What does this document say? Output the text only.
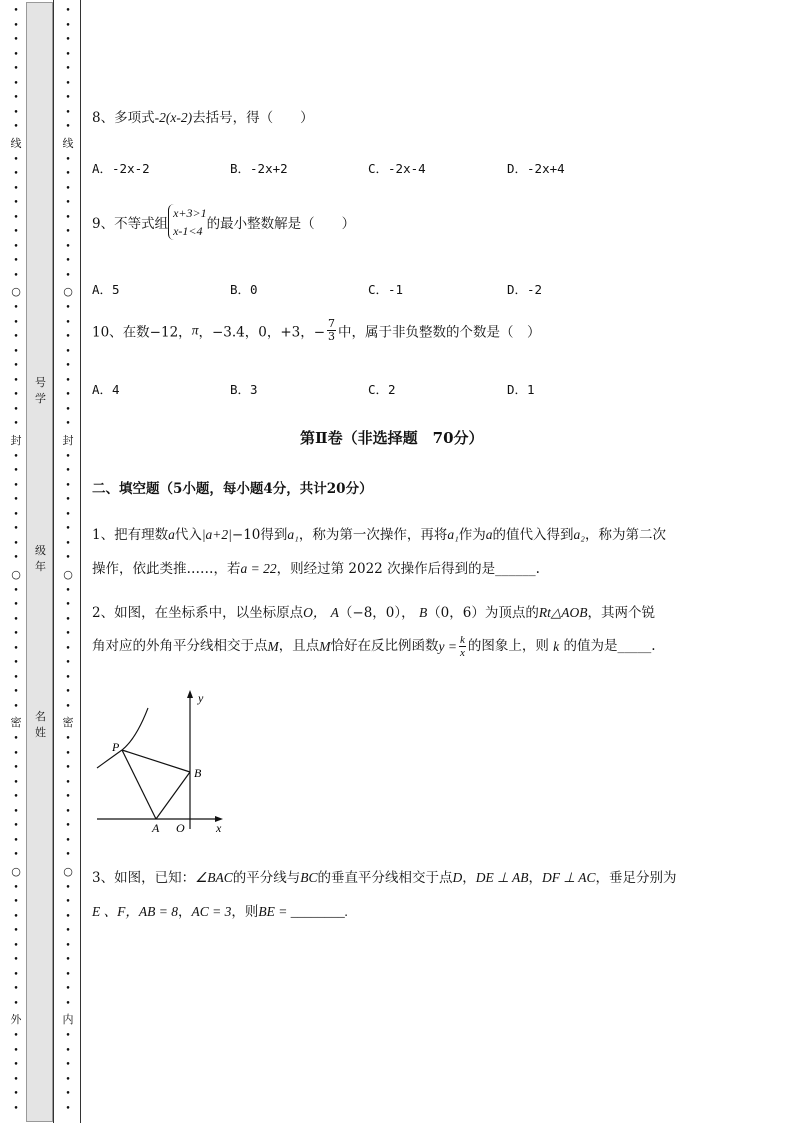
•
•
•
•
•
•
•
•
•
线
•
•
•
•
•
•
•
•
•
○
•
•
•
•
•
•
•
•
•
封
•
•
•
•
•
•
•
•
○
•
•
•
•
•
•
•
•
•
密
•
•
•
•
•
•
•
•
•
○
•
•
•
•
•
•
•
•
•
外
•
•
•
•
•
•
号
学
级
年
名
姓
•
•
•
•
•
•
•
•
•
线
•
•
•
•
•
•
•
•
•
○
•
•
•
•
•
•
•
•
•
封
•
•
•
•
•
•
•
•
○
•
•
•
•
•
•
•
•
•
密
•
•
•
•
•
•
•
•
•
○
•
•
•
•
•
•
•
•
•
内
•
•
•
•
•
•
8、多项式-2(x-2)去括号，得（　　）
A．-2x-2	B．-2x+2	C．-2x-4	D．-2x+4
9、不等式组
x+3>1
x-1<4 的最小整数解是（　　）
A．5	B．0	C．-1	D．-2
10、在数−12，π，−3.4，0，+3，− $\frac{7}{3}$ 中，属于非负整数的个数是（　）
A．4	B．3	C．2	D．1
第Ⅱ卷（非选择题　70分）
二、填空题（5小题，每小题4分，共计20分）
1、把有理数a代入|a+2|−10得到a₁，称为第一次操作，再将a₁作为a的值代入得到a₂，称为第二次
操作，依此类推……，若a = 22，则经过第 2022 次操作后得到的是______.
2、如图，在坐标系中，以坐标原点O， A（−8，0）， B（0，6）为顶点的Rt△AOB，其两个锐
角对应的外角平分线相交于点M，且点M恰好在反比例函数$y = \frac{k}{x}$ 的图象上，则 k 的值为是_____.
y
x
P
B
A O
3、如图，已知：∠BAC的平分线与BC的垂直平分线相交于点D，DE ⊥ AB，DF ⊥ AC，垂足分别为
E 、F，AB = 8，AC = 3，则BE = ________.
